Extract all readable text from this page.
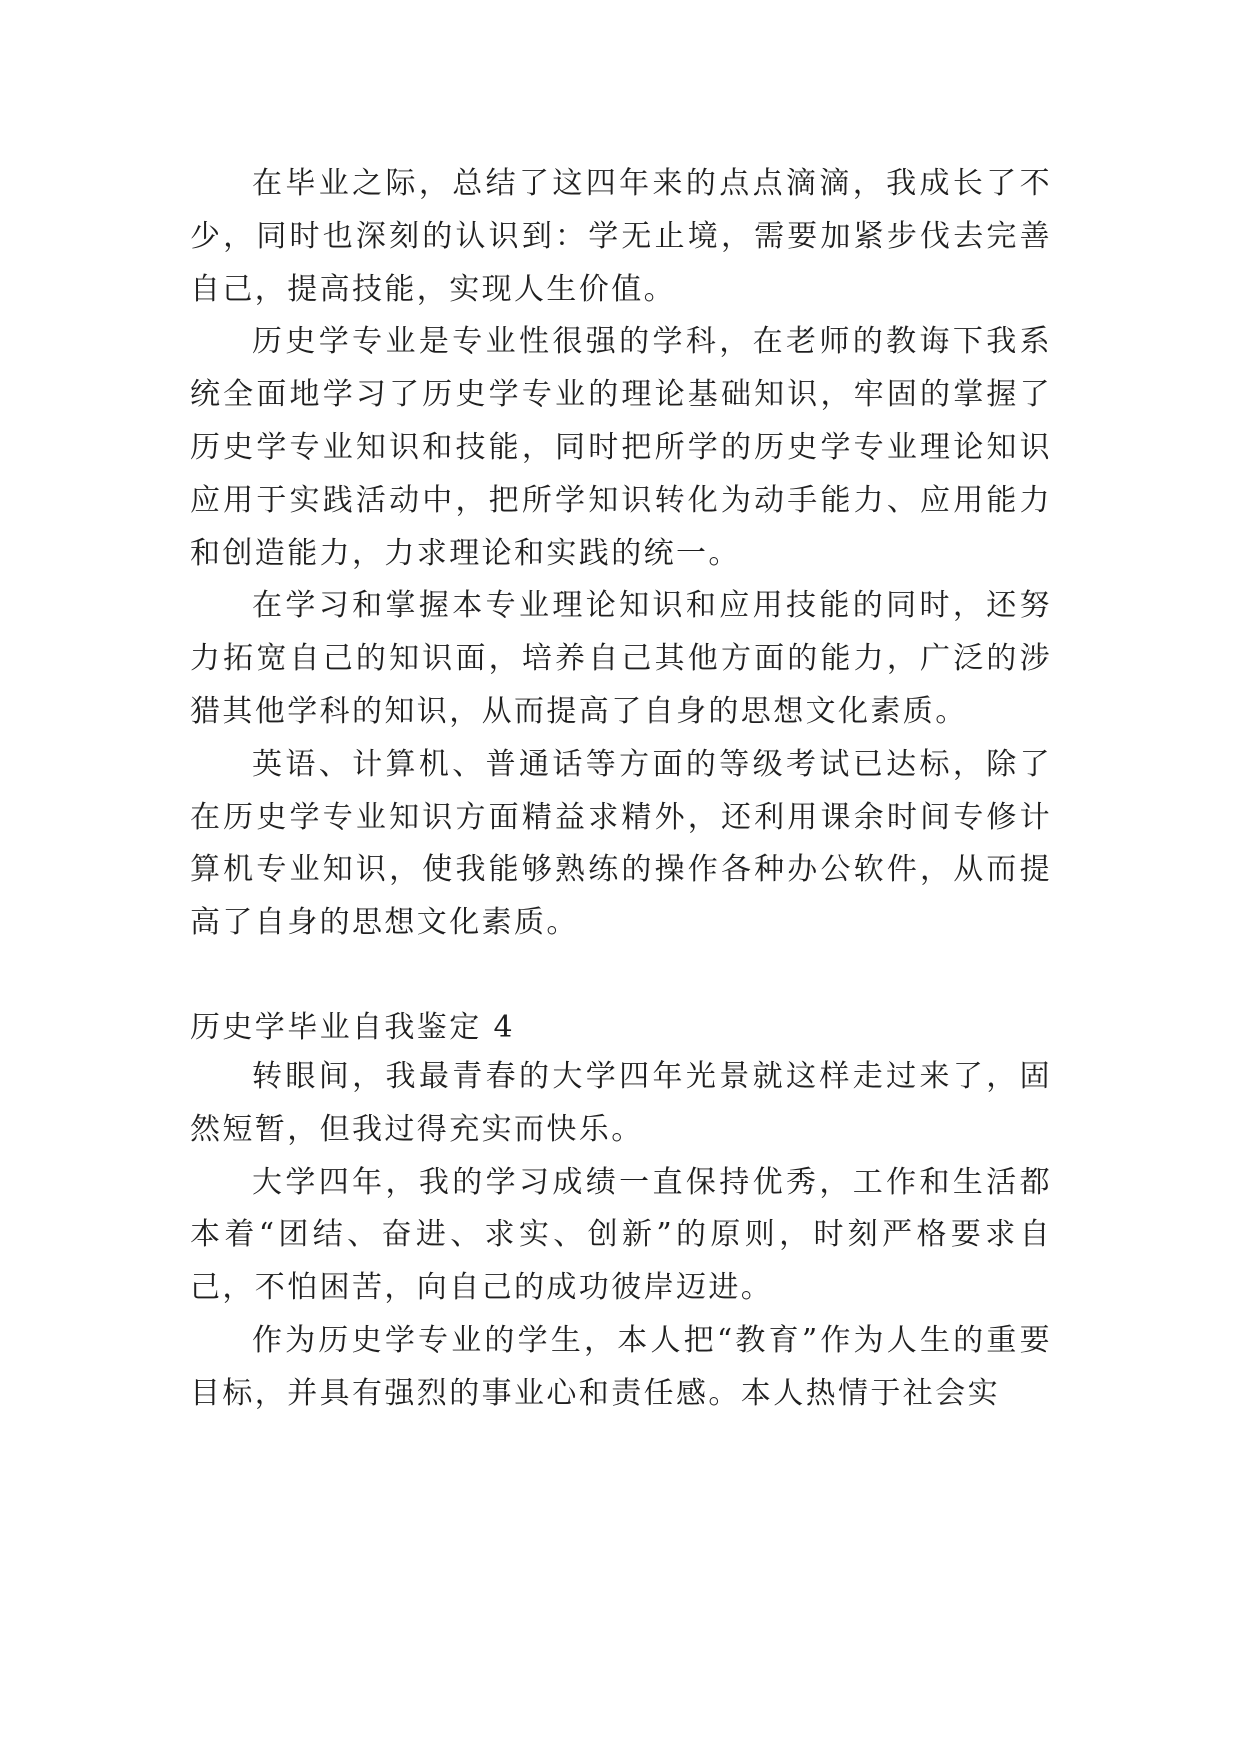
在毕业之际，总结了这四年来的点点滴滴，我成长了不少，同时也深刻的认识到：学无止境，需要加紧步伐去完善自己，提高技能，实现人生价值。

历史学专业是专业性很强的学科，在老师的教诲下我系统全面地学习了历史学专业的理论基础知识，牢固的掌握了历史学专业知识和技能，同时把所学的历史学专业理论知识应用于实践活动中，把所学知识转化为动手能力、应用能力和创造能力，力求理论和实践的统一。

在学习和掌握本专业理论知识和应用技能的同时，还努力拓宽自己的知识面，培养自己其他方面的能力，广泛的涉猎其他学科的知识，从而提高了自身的思想文化素质。

英语、计算机、普通话等方面的等级考试已达标，除了在历史学专业知识方面精益求精外，还利用课余时间专修计算机专业知识，使我能够熟练的操作各种办公软件，从而提高了自身的思想文化素质。

历史学毕业自我鉴定 4

转眼间，我最青春的大学四年光景就这样走过来了，固然短暂，但我过得充实而快乐。

大学四年，我的学习成绩一直保持优秀，工作和生活都本着“团结、奋进、求实、创新”的原则，时刻严格要求自己，不怕困苦，向自己的成功彼岸迈进。

作为历史学专业的学生，本人把“教育”作为人生的重要目标，并具有强烈的事业心和责任感。本人热情于社会实
